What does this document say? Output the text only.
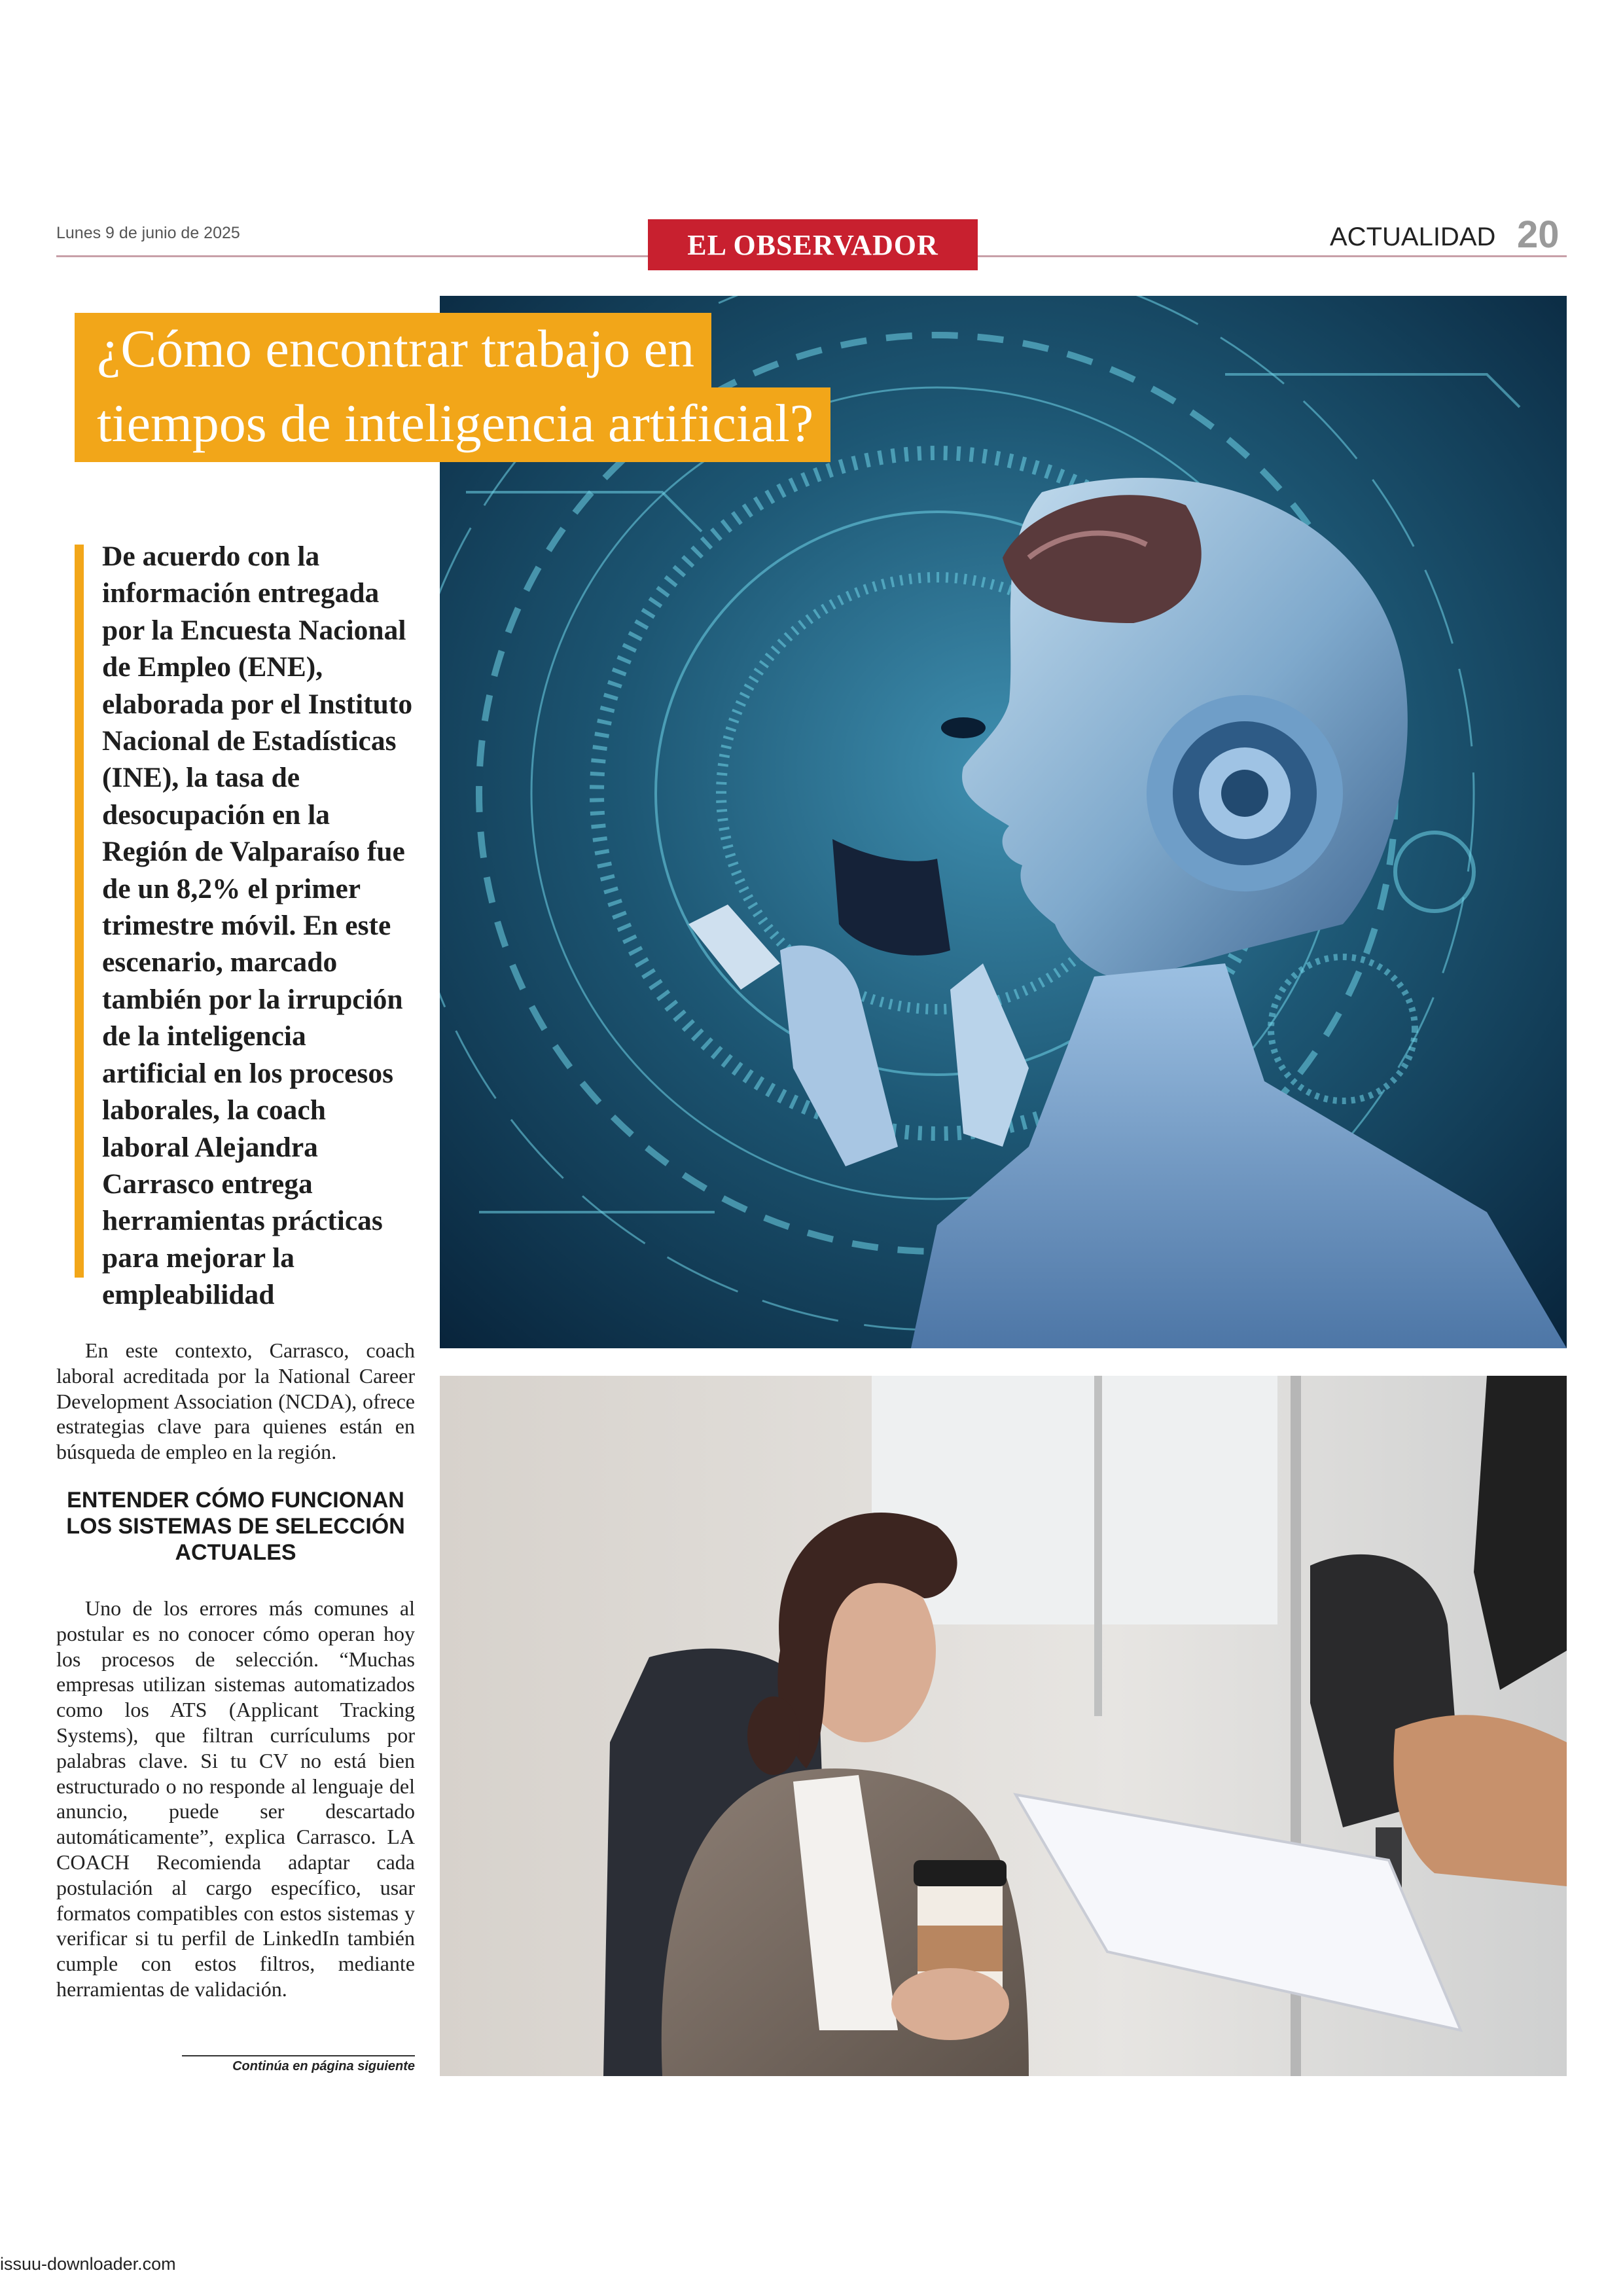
Lunes 9 de junio de 2025	EL OBSERVADOR	ACTUALIDAD 20
¿Cómo encontrar trabajo en
tiempos de inteligencia artificial?
De acuerdo con la información entregada por la Encuesta Nacional de Empleo (ENE), elaborada por el Instituto Nacional de Estadísticas (INE), la tasa de desocupación en la Región de Valparaíso fue de un 8,2% el primer trimestre móvil. En este escenario, marcado también por la irrupción de la inteligencia artificial en los procesos laborales, la coach laboral Alejandra Carrasco entrega herramientas prácticas para mejorar la empleabilidad
En este contexto, Carrasco, coach laboral acreditada por la National Career Development Association (NCDA), ofrece estrategias clave para quienes están en búsqueda de empleo en la región.
ENTENDER CÓMO FUNCIONAN LOS SISTEMAS DE SELECCIÓN ACTUALES
Uno de los errores más comunes al postular es no conocer cómo operan hoy los procesos de selección. “Muchas empresas utilizan sistemas automatizados como los ATS (Applicant Tracking Systems), que filtran currículums por palabras clave. Si tu CV no está bien estructurado o no responde al lenguaje del anuncio, puede ser descartado automáticamente”, explica Carrasco. LA COACH Recomienda adaptar cada postulación al cargo específico, usar formatos compatibles con estos sistemas y verificar si tu perfil de LinkedIn también cumple con estos filtros, mediante herramientas de validación.
Continúa en página siguiente
issuu-downloader.com
